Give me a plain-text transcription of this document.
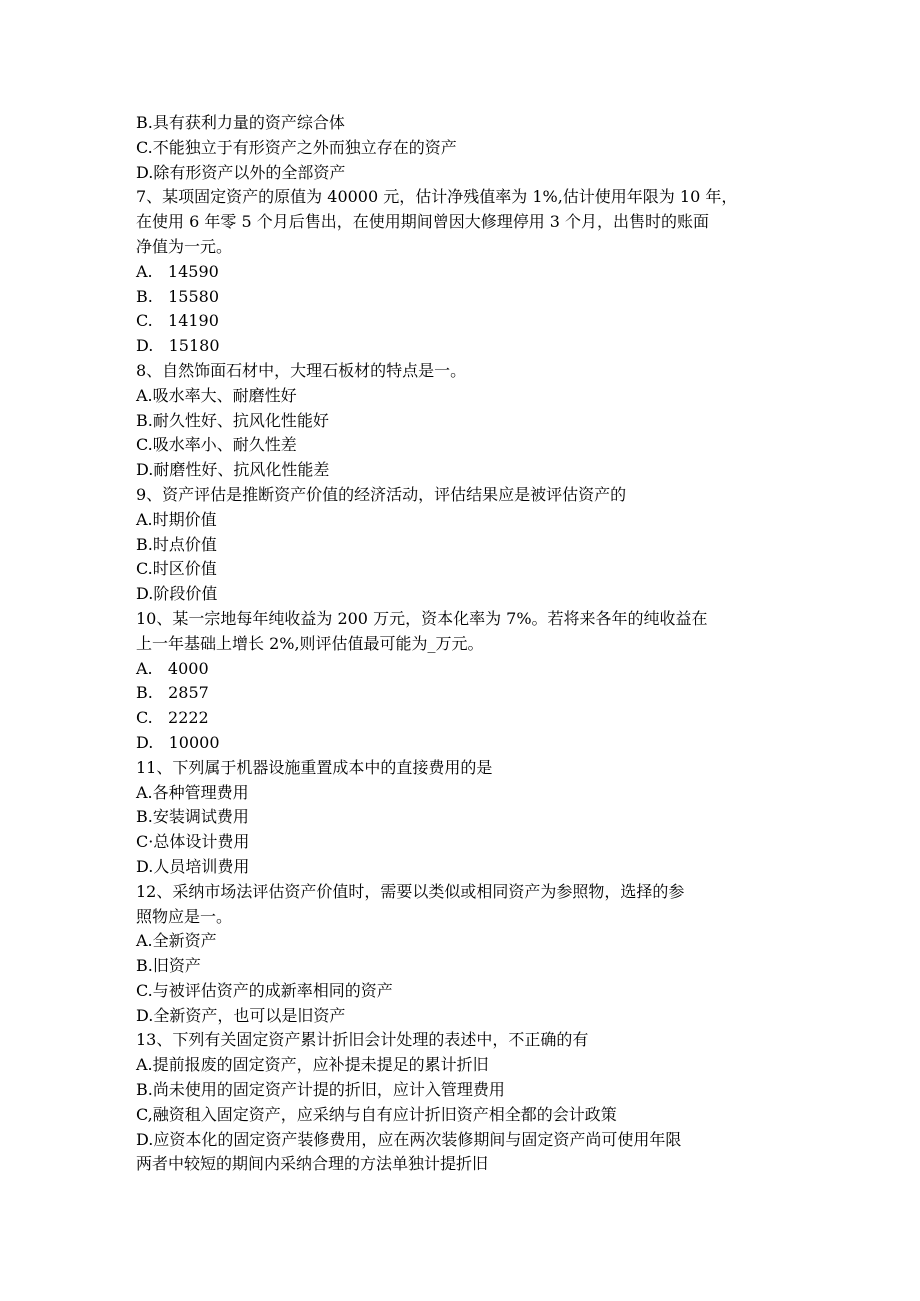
B.具有获利力量的资产综合体
C.不能独立于有形资产之外而独立存在的资产
D.除有形资产以外的全部资产
7、某项固定资产的原值为 40000 元，估计净残值率为 1%,估计使用年限为 10 年，
在使用 6 年零 5 个月后售出，在使用期间曾因大修理停用 3 个月，出售时的账面
净值为一元。
A.   14590
B.   15580
C.   14190
D.   15180
8、自然饰面石材中，大理石板材的特点是一。
A.吸水率大、耐磨性好
B.耐久性好、抗风化性能好
C.吸水率小、耐久性差
D.耐磨性好、抗风化性能差
9、资产评估是推断资产价值的经济活动，评估结果应是被评估资产的
A.时期价值
B.时点价值
C.时区价值
D.阶段价值
10、某一宗地每年纯收益为 200 万元，资本化率为 7%。若将来各年的纯收益在
上一年基础上增长 2%,则评估值最可能为_万元。
A.   4000
B.   2857
C.   2222
D.   10000
11、下列属于机器设施重置成本中的直接费用的是
A.各种管理费用
B.安装调试费用
C·总体设计费用
D.人员培训费用
12、采纳市场法评估资产价值时，需要以类似或相同资产为参照物，选择的参
照物应是一。
A.全新资产
B.旧资产
C.与被评估资产的成新率相同的资产
D.全新资产，也可以是旧资产
13、下列有关固定资产累计折旧会计处理的表述中，不正确的有
A.提前报废的固定资产，应补提未提足的累计折旧
B.尚未使用的固定资产计提的折旧，应计入管理费用
C,融资租入固定资产，应采纳与自有应计折旧资产相全都的会计政策
D.应资本化的固定资产装修费用，应在两次装修期间与固定资产尚可使用年限
两者中较短的期间内采纳合理的方法单独计提折旧
